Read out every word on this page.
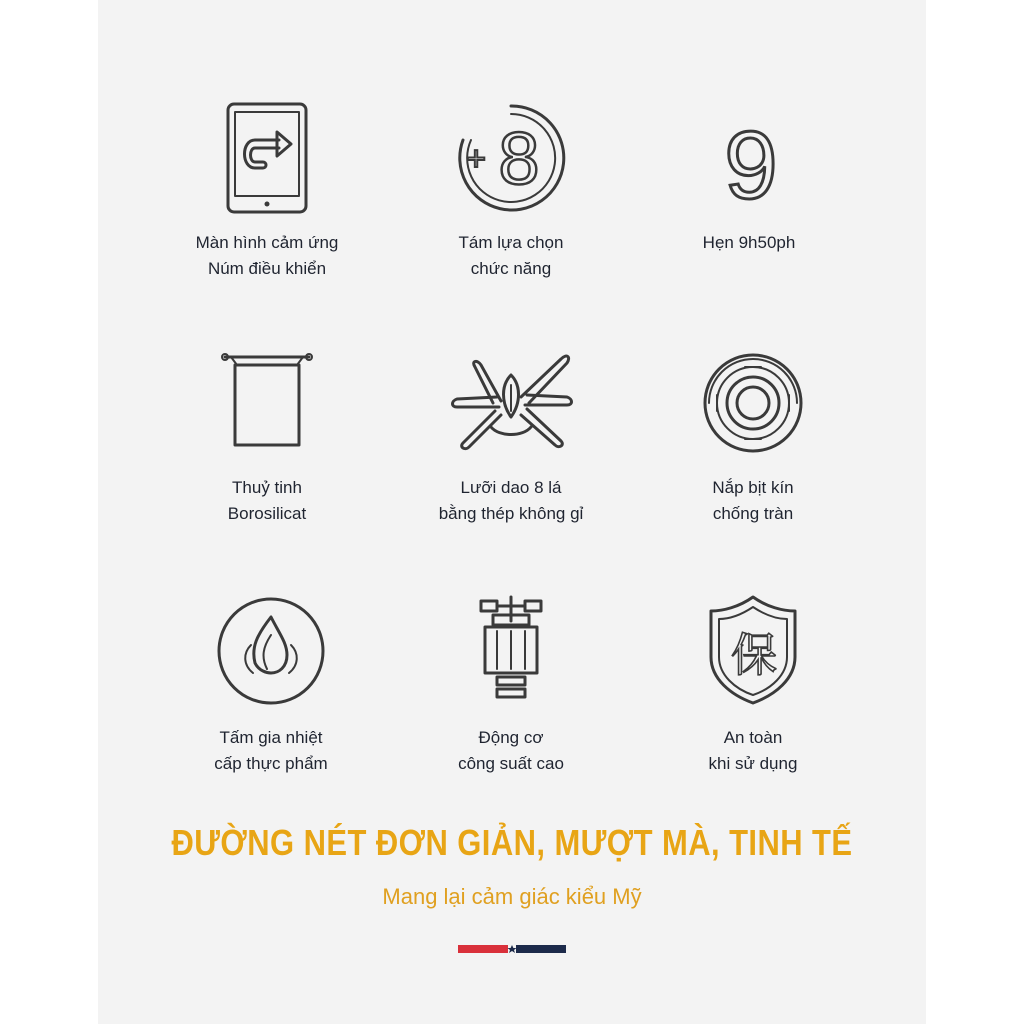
Màn hình cảm ứng
Núm điều khiển
8
+
Tám lựa chọn
chức năng
9
Hẹn 9h50ph
Thuỷ tinh
Borosilicat
Lưỡi dao 8 lá
bằng thép không gỉ
Nắp bịt kín
chống tràn
Tấm gia nhiệt
cấp thực phẩm
Động cơ
công suất cao
保
An toàn
khi sử dụng
ĐƯỜNG NÉT ĐƠN GIẢN, MƯỢT MÀ, TINH TẾ
Mang lại cảm giác kiểu Mỹ
